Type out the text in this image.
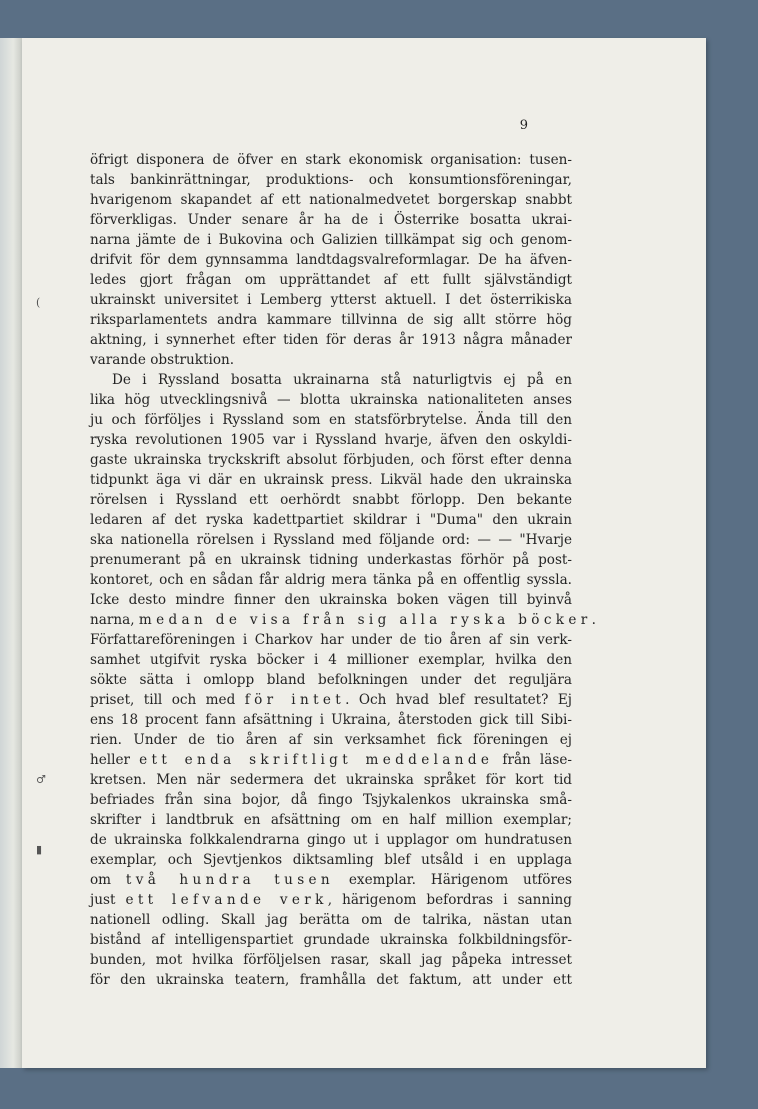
9
(
♂
▮
öfrigt disponera de öfver en stark ekonomisk organisation: tusen-
tals bankinrättningar, produktions- och konsumtionsföreningar,
hvarigenom skapandet af ett nationalmedvetet borgerskap snabbt
förverkligas. Under senare år ha de i Österrike bosatta ukrai-
narna jämte de i Bukovina och Galizien tillkämpat sig och genom-
drifvit för dem gynnsamma landtdagsvalreformlagar. De ha äfven-
ledes gjort frågan om upprättandet af ett fullt självständigt
ukrainskt universitet i Lemberg ytterst aktuell. I det österrikiska
riksparlamentets andra kammare tillvinna de sig allt större hög
aktning, i synnerhet efter tiden för deras år 1913 några månader
varande obstruktion.
De i Ryssland bosatta ukrainarna stå naturligtvis ej på en
lika hög utvecklingsnivå — blotta ukrainska nationaliteten anses
ju och förföljes i Ryssland som en statsförbrytelse. Ända till den
ryska revolutionen 1905 var i Ryssland hvarje, äfven den oskyldi-
gaste ukrainska tryckskrift absolut förbjuden, och först efter denna
tidpunkt äga vi där en ukrainsk press. Likväl hade den ukrainska
rörelsen i Ryssland ett oerhördt snabbt förlopp. Den bekante
ledaren af det ryska kadettpartiet skildrar i "Duma" den ukrain
ska nationella rörelsen i Ryssland med följande ord: — — "Hvarje
prenumerant på en ukrainsk tidning underkastas förhör på post-
kontoret, och en sådan får aldrig mera tänka på en offentlig syssla.
Icke desto mindre finner den ukrainska boken vägen till byinvå
narna, medan de visa från sig alla ryska böcker.
Författareföreningen i Charkov har under de tio åren af sin verk-
samhet utgifvit ryska böcker i 4 millioner exemplar, hvilka den
sökte sätta i omlopp bland befolkningen under det reguljära
priset, till och med för intet. Och hvad blef resultatet? Ej
ens 18 procent fann afsättning i Ukraina, återstoden gick till Sibi-
rien. Under de tio åren af sin verksamhet fick föreningen ej
heller ett enda skriftligt meddelande från läse-
kretsen. Men när sedermera det ukrainska språket för kort tid
befriades från sina bojor, då fingo Tsjykalenkos ukrainska små-
skrifter i landtbruk en afsättning om en half million exemplar;
de ukrainska folkkalendrarna gingo ut i upplagor om hundratusen
exemplar, och Sjevtjenkos diktsamling blef utsåld i en upplaga
om två hundra tusen exemplar. Härigenom utföres
just ett lefvande verk, härigenom befordras i sanning
nationell odling. Skall jag berätta om de talrika, nästan utan
bistånd af intelligenspartiet grundade ukrainska folkbildningsför-
bunden, mot hvilka förföljelsen rasar, skall jag påpeka intresset
för den ukrainska teatern, framhålla det faktum, att under ett
